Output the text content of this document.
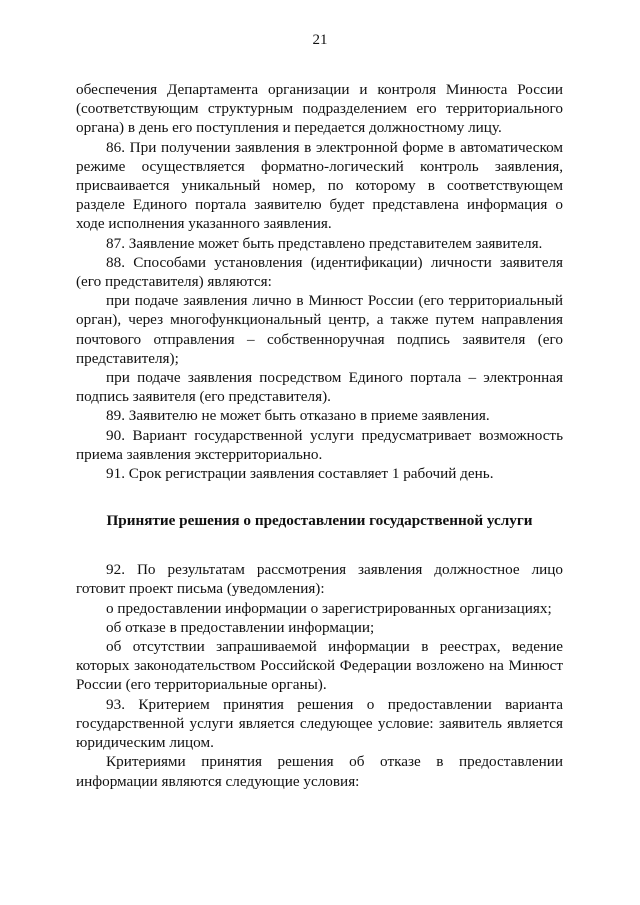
21

обеспечения Департамента организации и контроля Минюста России (соответствующим структурным подразделением его территориального органа) в день его поступления и передается должностному лицу.

86. При получении заявления в электронной форме в автоматическом режиме осуществляется форматно-логический контроль заявления, присваивается уникальный номер, по которому в соответствующем разделе Единого портала заявителю будет представлена информация о ходе исполнения указанного заявления.

87. Заявление может быть представлено представителем заявителя.

88. Способами установления (идентификации) личности заявителя (его представителя) являются:

при подаче заявления лично в Минюст России (его территориальный орган), через многофункциональный центр, а также путем направления почтового отправления – собственноручная подпись заявителя (его представителя);

при подаче заявления посредством Единого портала – электронная подпись заявителя (его представителя).

89. Заявителю не может быть отказано в приеме заявления.

90. Вариант государственной услуги предусматривает возможность приема заявления экстерриториально.

91. Срок регистрации заявления составляет 1 рабочий день.

Принятие решения о предоставлении государственной услуги

92. По результатам рассмотрения заявления должностное лицо готовит проект письма (уведомления):

о предоставлении информации о зарегистрированных организациях;

об отказе в предоставлении информации;

об отсутствии запрашиваемой информации в реестрах, ведение которых законодательством Российской Федерации возложено на Минюст России (его территориальные органы).

93. Критерием принятия решения о предоставлении варианта государственной услуги является следующее условие: заявитель является юридическим лицом.

Критериями принятия решения об отказе в предоставлении информации являются следующие условия:
